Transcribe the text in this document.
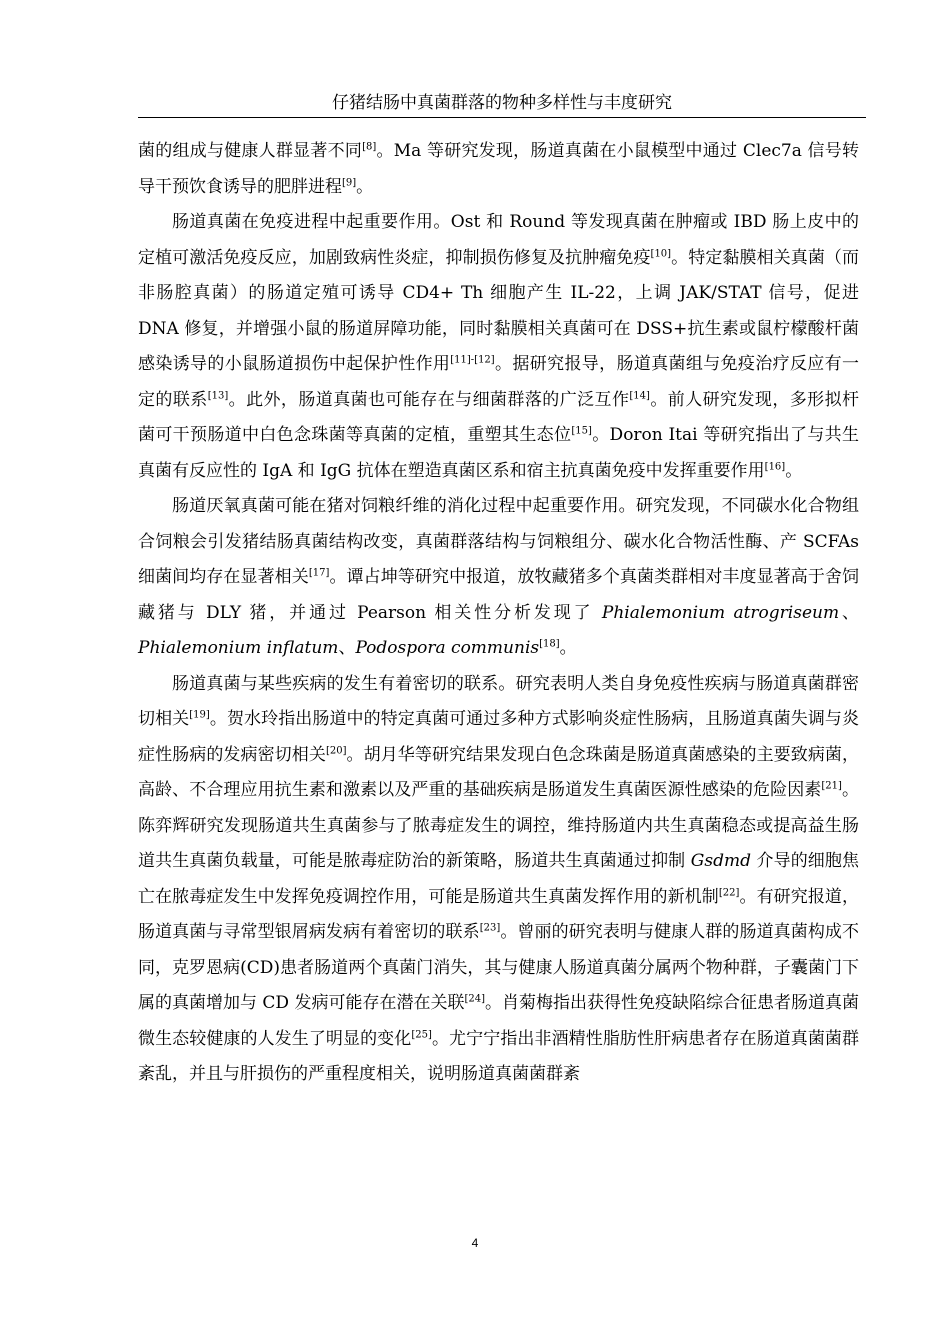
仔猪结肠中真菌群落的物种多样性与丰度研究

菌的组成与健康人群显著不同[8]。Ma 等研究发现，肠道真菌在小鼠模型中通过 Clec7a 信号转导干预饮食诱导的肥胖进程[9]。

肠道真菌在免疫进程中起重要作用。Ost 和 Round 等发现真菌在肿瘤或 IBD 肠上皮中的定植可激活免疫反应，加剧致病性炎症，抑制损伤修复及抗肿瘤免疫[10]。特定黏膜相关真菌（而非肠腔真菌）的肠道定殖可诱导 CD4+ Th 细胞产生 IL-22，上调 JAK/STAT 信号，促进 DNA 修复，并增强小鼠的肠道屏障功能，同时黏膜相关真菌可在 DSS+抗生素或鼠柠檬酸杆菌感染诱导的小鼠肠道损伤中起保护性作用[11]-[12]。据研究报导，肠道真菌组与免疫治疗反应有一定的联系[13]。此外，肠道真菌也可能存在与细菌群落的广泛互作[14]。前人研究发现，多形拟杆菌可干预肠道中白色念珠菌等真菌的定植，重塑其生态位[15]。Doron Itai 等研究指出了与共生真菌有反应性的 IgA 和 IgG 抗体在塑造真菌区系和宿主抗真菌免疫中发挥重要作用[16]。

肠道厌氧真菌可能在猪对饲粮纤维的消化过程中起重要作用。研究发现，不同碳水化合物组合饲粮会引发猪结肠真菌结构改变，真菌群落结构与饲粮组分、碳水化合物活性酶、产 SCFAs 细菌间均存在显著相关[17]。谭占坤等研究中报道，放牧藏猪多个真菌类群相对丰度显著高于舍饲藏猪与 DLY 猪，并通过 Pearson 相关性分析发现了 Phialemonium atrogriseum、Phialemonium inflatum、Podospora communis[18]。

肠道真菌与某些疾病的发生有着密切的联系。研究表明人类自身免疫性疾病与肠道真菌群密切相关[19]。贺水玲指出肠道中的特定真菌可通过多种方式影响炎症性肠病，且肠道真菌失调与炎症性肠病的发病密切相关[20]。胡月华等研究结果发现白色念珠菌是肠道真菌感染的主要致病菌，高龄、不合理应用抗生素和激素以及严重的基础疾病是肠道发生真菌医源性感染的危险因素[21]。陈弈辉研究发现肠道共生真菌参与了脓毒症发生的调控，维持肠道内共生真菌稳态或提高益生肠道共生真菌负载量，可能是脓毒症防治的新策略，肠道共生真菌通过抑制 Gsdmd 介导的细胞焦亡在脓毒症发生中发挥免疫调控作用，可能是肠道共生真菌发挥作用的新机制[22]。有研究报道，肠道真菌与寻常型银屑病发病有着密切的联系[23]。曾丽的研究表明与健康人群的肠道真菌构成不同，克罗恩病(CD)患者肠道两个真菌门消失，其与健康人肠道真菌分属两个物种群，子囊菌门下属的真菌增加与 CD 发病可能存在潜在关联[24]。肖菊梅指出获得性免疫缺陷综合征患者肠道真菌微生态较健康的人发生了明显的变化[25]。尤宁宁指出非酒精性脂肪性肝病患者存在肠道真菌菌群紊乱，并且与肝损伤的严重程度相关，说明肠道真菌菌群紊

4
